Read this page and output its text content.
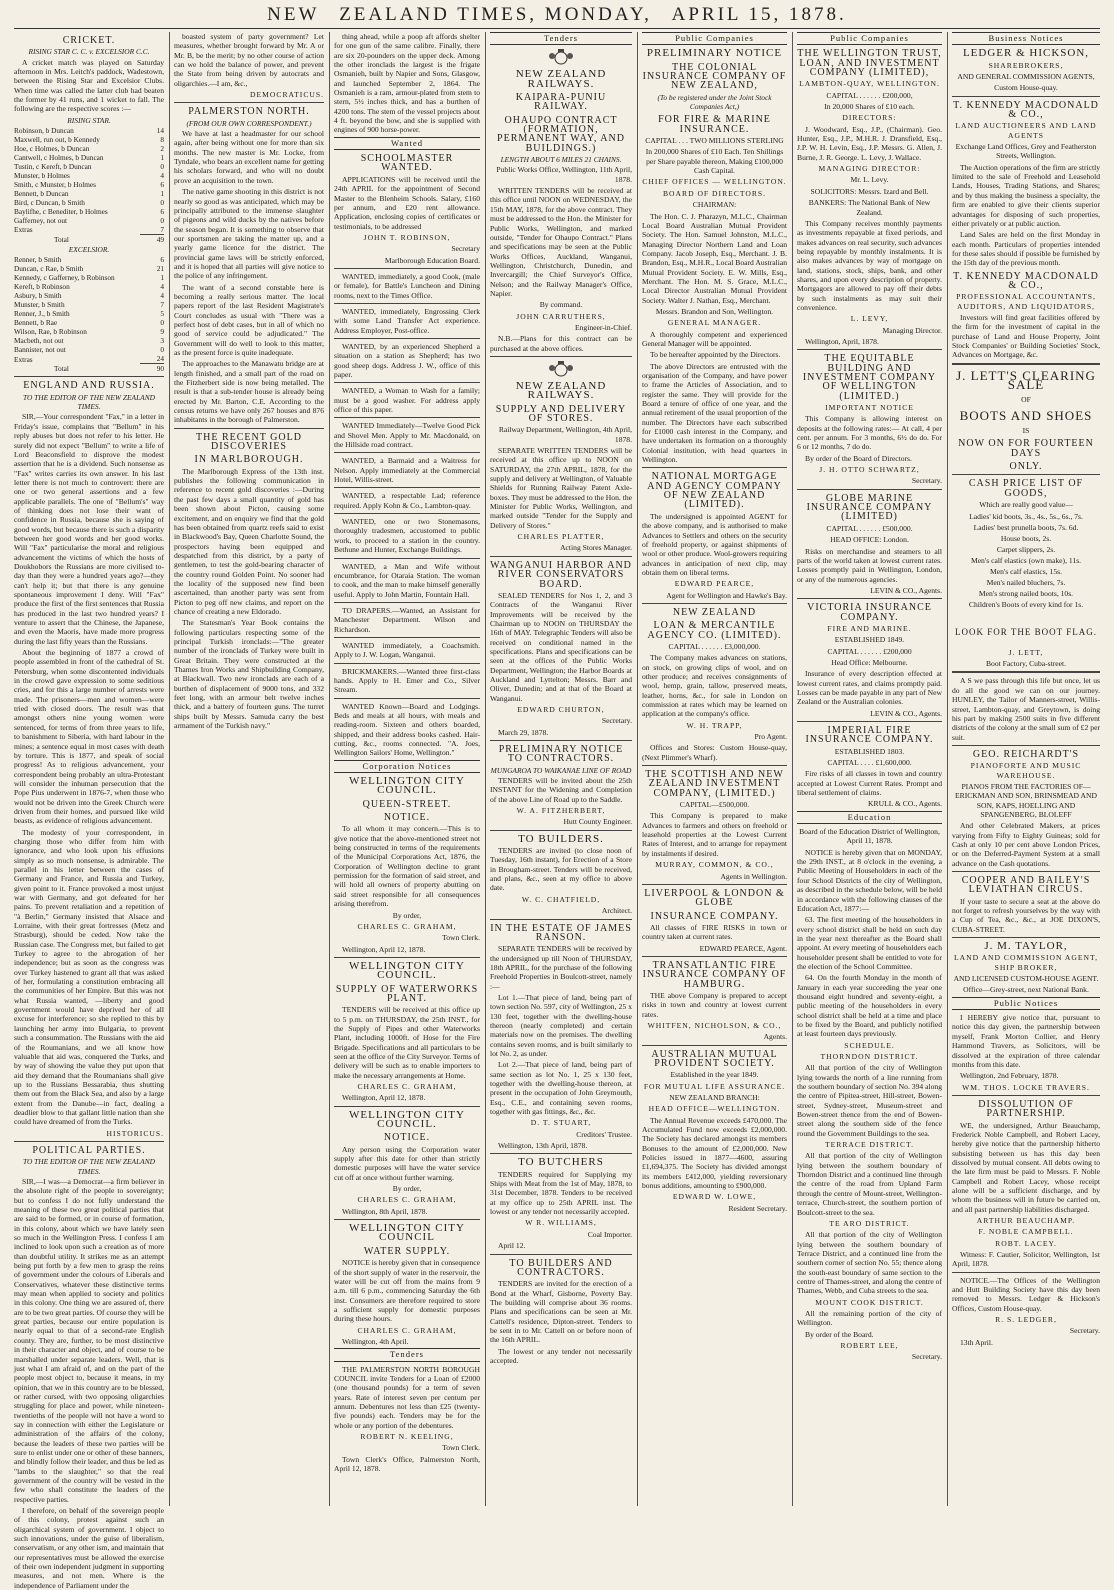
NEW ZEALAND TIMES, MONDAY, APRIL 15, 1878.
CRICKET.
RISING STAR C. C. v. EXCELSIOR C.C.

A cricket match was played on Saturday afternoon in Mrs. Leitch's paddock, Wadestown, between the Rising Star and Excelsior Clubs. When time was called the latter club had beaten the former by 41 runs, and 1 wicket to fall. The following are the respective scores :—

RISING STAR.
Robinson, b Duncan	14
Maxwell, run out, b Kennedy	8
Hoe, c Holmes, b Duncan	2
Cantwell, c Holmes, b Duncan	1
Tustin, c Kereft, b Duncan	0
Munster, b Holmes	4
Smith, c Munster, b Holmes	6
Bennett, b Duncan	1
Bird, c Duncan, b Smith	0
Baylifhe, c Benediter, b Holmes	6
Gafferney, not out	0
Extras	7
Total	49
EXCELSIOR.
Renner, b Smith	6
Duncan, c Rae, b Smith	21
Kennedy, c Gafferney, b Robinson	1
Kereft, b Robinson	4
Asbury, b Smith	4
Munster, b Smith	7
Renner, J., b Smith	5
Bennett, b Rae	0
Wilson, Rae, b Robinson	9
Macbeth, not out	3
Bannister, not out	0
Extras	24
Total	90
ENGLAND AND RUSSIA.
TO THE EDITOR OF THE NEW ZEALAND TIMES.

SIR,—Your correspondent "Fax," in a letter in Friday's issue, complains that "Bellum" in his reply abuses but does not refer to his letter. He surely did not expect "Bellum" to write a life of Lord Beaconsfield to disprove the modest assertion that he is a dividend. Such nonsense as "Fax" writes carries its own answer. In his last letter there is not much to controvert: there are one or two general assertions and a few applicable parallels. The one of "Bellum's" way of thinking does not lose their want of confidence in Russia, because she is saying of good words, but because there is such a disparity between her good words and her good works. Will "Fax" particularise the moral and religious advancement the victims of which the hosts of Doukhobors the Russians are more civilised to-day than they were a hundred years ago?—they can't help it; but that there is any genuine spontaneous improvement I deny. Will "Fax" produce the first of the first sentences that Russia has produced in the last two hundred years? I venture to assert that the Chinese, the Japanese, and even the Maoris, have made more progress during the last fifty years than the Russians.

About the beginning of 1877 a crowd of people assembled in front of the cathedral of St. Petersburg, when some discontented individuals in the crowd gave expression to some seditious cries, and for this a large number of arrests were made. The prisoners—men and women—were tried with closed doors. The result was that amongst others nine young women were sentenced, for terms of from three years to life, to banishment to Siberia, with hard labour in the mines; a sentence equal in most cases with death by torture. This is 1877, and speak of social progress! As to religious advancement, your correspondent being probably an ultra-Protestant will consider the inhuman persecution that the Pope Pius underwent in 1876-7, when those who would not be driven into the Greek Church were driven from their homes, and pursued like wild beasts, as evidence of religious advancement.

The modesty of your correspondent, in charging those who differ from him with ignorance, and who look upon his effusions simply as so much nonsense, is admirable. The parallel in his letter between the cases of Germany and France, and Russia and Turkey, given point to it. France provoked a most unjust war with Germany, and got defeated for her pains. To prevent retaliation and a repetition of "à Berlin," Germany insisted that Alsace and Lorraine, with their great fortresses (Metz and Strasburg), should be ceded. Now take the Russian case. The Congress met, but failed to get Turkey to agree to the abrogation of her independence; but as soon as the congress was over Turkey hastened to grant all that was asked of her, formulating a constitution embracing all the communities of her Empire. But this was not what Russia wanted, —liberty and good government would have deprived her of all excuse for interference; so she replied to this by launching her army into Bulgaria, to prevent such a consummation. The Russians with the aid of the Roumanians, and we all know how valuable that aid was, conquered the Turks, and by way of showing the value they put upon that aid they demand that the Roumanians shall give up to the Russians Bessarabia, thus shutting them out from the Black Sea, and also by a large extent from the Danube—in fact, dealing a deadlier blow to that gallant little nation than she could have dreamed of from the Turks.

HISTORICUS.

POLITICAL PARTIES.
TO THE EDITOR OF THE NEW ZEALAND TIMES.

SIR,—I was—a Democrat—a firm believer in the absolute right of the people to sovereignty; but to confess I do not fully understand the meaning of these two great political parties that are said to be formed, or in course of formation, in this colony, about which we have lately seen so much in the Wellington Press. I confess I am inclined to look upon such a creation as of more than doubtful utility. It strikes me as an attempt being put forth by a few men to grasp the reins of government under the colours of Liberals and Conservatives, whatever these distinctive terms may mean when applied to society and politics in this colony. One thing we are assured of, there are to be two great parties. Of course they will be great parties, because our entire population is nearly equal to that of a second-rate English county. They are, further, to be most distinctive in their character and object, and of course to be marshalled under separate leaders. Well, that is just what I am afraid of, and on the part of the people most object to, because it means, in my opinion, that we in this country are to be blessed, or rather cursed, with two opposing oligarchies struggling for place and power, while nineteen-twentieths of the people will not have a word to say in connection with either the Legislature or administration of the affairs of the colony, because the leaders of these two parties will be sure to enlist under one or other of these banners, and blindly follow their leader, and thus be led as "lambs to the slaughter," so that the real government of the country will be vested in the few who shall constitute the leaders of the respective parties.

I therefore, on behalf of the sovereign people of this colony, protest against such an oligarchical system of government. I object to such innovations, under the guise of liberalism, conservatism, or any other ism, and maintain that our representatives must be allowed the exercise of their own independent judgment in supporting measures, and not men. Where is the independence of Parliament under the

boasted system of party government? Let measures, whether brought forward by Mr. A or Mr. B, be the merit; by no other course of action can we hold the balance of power, and prevent the State from being driven by autocrats and oligarchies.—I am, &c.,

DEMOCRATICUS.

PALMERSTON NORTH.
(FROM OUR OWN CORRESPONDENT.)

We have at last a headmaster for our school again, after being without one for more than six months. The new master is Mr. Locke, from Tyndale, who bears an excellent name for getting his scholars forward, and who will no doubt prove an acquisition to the town.

The native game shooting in this district is not nearly so good as was anticipated, which may be principally attributed to the immense slaughter of pigeons and wild ducks by the natives before the season began. It is something to observe that our sportsmen are taking the matter up, and a yearly game licence for the district. The provincial game laws will be strictly enforced, and it is hoped that all parties will give notice to the police of any infringement.

The want of a second constable here is becoming a really serious matter. The local papers report of the last Resident Magistrate's Court concludes as usual with "There was a perfect host of debt cases, but in all of which no good of service could be adjudicated." The Government will do well to look to this matter, as the present force is quite inadequate.

The approaches to the Manawatu bridge are at length finished, and a small part of the road on the Fitzherbert side is now being metalled. The result is that a sub-tender house is already being erected by Mr. Barton, C.E. According to the census returns we have only 267 houses and 876 inhabitants in the borough of Palmerston.

THE RECENT GOLD DISCOVERIES
IN MARLBOROUGH.

The Marlborough Express of the 13th inst. publishes the following communication in reference to recent gold discoveries :—During the past few days a small quantity of gold has been shown about Picton, causing some excitement, and on enquiry we find that the gold has been obtained from quartz reefs said to exist in Blackwood's Bay, Queen Charlotte Sound, the prospectors having been equipped and despatched from this district, by a party of gentlemen, to test the gold-bearing character of the country round Golden Point. No sooner had the locality of the supposed new find been ascertained, than another party was sent from Picton to peg off new claims, and report on the chance of creating a new Eldorado.

The Statesman's Year Book contains the following particulars respecting some of the principal Turkish ironclads:—"The greater number of the ironclads of Turkey were built in Great Britain. They were constructed at the Thames Iron Works and Shipbuilding Company, at Blackwall. Two new ironclads are each of a burthen of displacement of 9000 tons, and 332 feet long, with an armour belt twelve inches thick, and a battery of fourteen guns. The turret ships built by Messrs. Samuda carry the best armament of the Turkish navy."

thing ahead, while a poop aft affords shelter for one gun of the same calibre. Finally, there are six 20-pounders on the upper deck. Among the other ironclads the largest is the frigate Osmanieh, built by Napier and Sons, Glasgow, and launched September 2, 1864. The Osmanieh is a ram, armour-plated from stem to stern, 5½ inches thick, and has a burthen of 4200 tons. The stem of the vessel projects about 4 ft. beyond the bow, and she is supplied with engines of 900 horse-power.

Wanted
SCHOOLMASTER WANTED.

APPLICATIONS will be received until the 24th APRIL for the appointment of Second Master to the Blenheim Schools. Salary, £160 per annum, and £20 rent allowance. Application, enclosing copies of certificates or testimonials, to be addressed

JOHN T. ROBINSON,

Secretary

Marlborough Education Board.

WANTED, immediately, a good Cook, (male or female), for Battle's Luncheon and Dining rooms, next to the Times Office.

WANTED, immediately, Engrossing Clerk with some Land Transfer Act experience. Address Employer, Post-office.

WANTED, by an experienced Shepherd a situation on a station as Shepherd; has two good sheep dogs. Address J. W., office of this paper.

WANTED, a Woman to Wash for a family; must be a good washer. For address apply office of this paper.

WANTED Immediately—Twelve Good Pick and Shovel Men. Apply to Mr. Macdonald, on the Hillside road contract.

WANTED, a Barmaid and a Waitress for Nelson. Apply immediately at the Commercial Hotel, Willis-street.

WANTED, a respectable Lad; reference required. Apply Kohn & Co., Lambton-quay.

WANTED, one or two Stonemasons, thoroughly tradesmen, accustomed to public work, to proceed to a station in the country. Bethune and Hunter, Exchange Buildings.

WANTED, a Man and Wife without encumbrance, for Otaraia Station. The woman to cook, and the man to make himself generally useful. Apply to John Martin, Fountain Hall.

TO DRAPERS.—Wanted, an Assistant for Manchester Department. Wilson and Richardson.

WANTED immediately, a Coachsmith. Apply to J. W. Logan, Wanganui.

BRICKMAKERS.—Wanted three first-class hands. Apply to H. Emer and Co., Silver Stream.

WANTED Known—Board and Lodgings. Beds and meals at all hours, with meals and reading-room. Sixteen and others boarded, shipped, and their address books cashed. Hair-cutting, &c., rooms connected. "A. Joes, Wellington Sailors' Home, Wellington."

Corporation Notices
WELLINGTON CITY COUNCIL.
QUEEN-STREET.
NOTICE.

To all whom it may concern.—This is to give notice that the above-mentioned street not being constructed in terms of the requirements of the Municipal Corporations Act, 1876, the Corporation of Wellington decline to grant permission for the formation of said street, and will hold all owners of property abutting on said street responsible for all consequences arising therefrom.

By order,

CHARLES C. GRAHAM,

Town Clerk.

Wellington, April 12, 1878.

WELLINGTON CITY COUNCIL.
SUPPLY OF WATERWORKS PLANT.

TENDERS will be received at this office up to 5 p.m. on THURSDAY, the 25th INST., for the Supply of Pipes and other Waterworks Plant, including 1000ft. of Hose for the Fire Brigade. Specifications and all particulars to be seen at the office of the City Surveyor. Terms of delivery will be such as to enable importers to make the necessary arrangements at Home.

CHARLES C. GRAHAM,

Wellington, April 12, 1878.

WELLINGTON CITY COUNCIL.
NOTICE.

Any person using the Corporation water supply after this date for other than strictly domestic purposes will have the water service cut off at once without further warning.

By order,

CHARLES C. GRAHAM,

Wellington, 8th April, 1878.

WELLINGTON CITY COUNCIL
WATER SUPPLY.

NOTICE is hereby given that in consequence of the short supply of water in the reservoir, the water will be cut off from the mains from 9 a.m. till 6 p.m., commencing Saturday the 6th inst. Consumers are therefore required to store a sufficient supply for domestic purposes during these hours.

CHARLES C. GRAHAM,

Wellington, 4th April.

Tenders

THE PALMERSTON NORTH BOROUGH COUNCIL invite Tenders for a Loan of £2000 (one thousand pounds) for a term of seven years. Rate of interest seven per centum per annum. Debentures not less than £25 (twenty-five pounds) each. Tenders may be for the whole or any portion of the debentures.

ROBERT N. KEELING,

Town Clerk.

Town Clerk's Office, Palmerston North, April 12, 1878.

Tenders
NEW ZEALAND RAILWAYS.
KAIPARA-PUNIU RAILWAY.
OHAUPO CONTRACT (FORMATION, PERMANENT WAY, AND BUILDINGS.)
LENGTH ABOUT 6 MILES 21 CHAINS.

Public Works Office, Wellington, 11th April, 1878.

WRITTEN TENDERS will be received at this office until NOON on WEDNESDAY, the 15th MAY, 1878, for the above contract. They must be addressed to the Hon. the Minister for Public Works, Wellington, and marked outside, "Tender for Ohaupo Contract." Plans and specifications may be seen at the Public Works Offices, Auckland, Wanganui, Wellington, Christchurch, Dunedin, and Invercargill; the Chief Surveyor's Office, Nelson; and the Railway Manager's Office, Napier.

By command.

JOHN CARRUTHERS,

Engineer-in-Chief.

N.B.—Plans for this contract can be purchased at the above offices.

NEW ZEALAND RAILWAYS.
SUPPLY AND DELIVERY OF STORES.

Railway Department, Wellington, 4th April, 1878.

SEPARATE WRITTEN TENDERS will be received at this office up to NOON on SATURDAY, the 27th APRIL, 1878, for the supply and delivery at Wellington, of Valuable Shields for Running Railway Patent Axle-boxes. They must be addressed to the Hon. the Minister for Public Works, Wellington, and marked outside "Tender for the Supply and Delivery of Stores."

CHARLES PLATTER,

Acting Stores Manager.

WANGANUI HARBOR AND RIVER CONSERVATORS BOARD.

SEALED TENDERS for Nos 1, 2, and 3 Contracts of the Wanganui River Improvements will be received by the Chairman up to NOON on THURSDAY the 16th of MAY. Telegraphic Tenders will also be received on conditional named in the specifications. Plans and specifications can be seen at the offices of the Public Works Department, Wellington; the Harbor Boards at Auckland and Lyttelton; Messrs. Barr and Oliver, Dunedin; and at that of the Board at Wanganui.

EDWARD CHURTON,

Secretary.

March 29, 1878.

PRELIMINARY NOTICE TO CONTRACTORS.
MUNGAROA TO WAIKANAE LINE OF ROAD

TENDERS will be invited about the 25th INSTANT for the Widening and Completion of the above Line of Road up to the Saddle.

W. A. FITZHERBERT,

Hutt County Engineer.

TO BUILDERS.

TENDERS are invited (to close noon of Tuesday, 16th instant), for Erection of a Store in Brougham-street. Tenders will be received, and plans, &c., seen at my office to above date.

W. C. CHATFIELD,

Architect.

IN THE ESTATE OF JAMES RANSON.

SEPARATE TENDERS will be received by the undersigned up till Noon of THURSDAY, 18th APRIL, for the purchase of the following Freehold Properties in Boulcott-street, namely :—

Lot 1.—That piece of land, being part of town section No. 597, city of Wellington, 25 x 130 feet, together with the dwelling-house thereon (nearly completed) and certain materials now on the premises. The dwelling contains seven rooms, and is built similarly to lot No. 2, as under.

Lot 2.—That piece of land, being part of same section as lot No. 1, 25 x 130 feet, together with the dwelling-house thereon, at present in the occupation of John Greymouth, Esq., C.E., and containing seven rooms, together with gas fittings, &c., &c.

D. T. STUART,

Creditors' Trustee.

Wellington, 13th April, 1878.

TO BUTCHERS

TENDERS required for Supplying my Ships with Meat from the 1st of May, 1878, to 31st December, 1878. Tenders to be received at my office up to 25th APRIL inst. The lowest or any tender not necessarily accepted.

W R. WILLIAMS,

Coal Importer.

April 12.

TO BUILDERS AND CONTRACTORS.

TENDERS are invited for the erection of a Bond at the Wharf, Gisborne, Poverty Bay. The building will comprise about 36 rooms. Plans and specifications can be seen at Mr. Cattell's residence, Dipton-street. Tenders to be sent in to Mr. Cattell on or before noon of the 16th APRIL.

The lowest or any tender not necessarily accepted.

Public Companies
PRELIMINARY NOTICE
THE COLONIAL INSURANCE COMPANY OF NEW ZEALAND,
(To be registered under the Joint Stock Companies Act,)
FOR FIRE & MARINE INSURANCE.

CAPITAL . . . TWO MILLIONS STERLING

In 200,000 Shares of £10 Each. Ten Shillings per Share payable thereon, Making £100,000 Cash Capital.

CHIEF OFFICES — WELLINGTON.

BOARD OF DIRECTORS.

CHAIRMAN:

The Hon. C. J. Pharazyn, M.L.C., Chairman Local Board Australian Mutual Provident Society. The Hon. Samuel Johnston, M.L.C., Managing Director Northern Land and Loan Company. Jacob Joseph, Esq., Merchant. J. B. Brandon, Esq., M.H.R., Local Board Australian Mutual Provident Society. E. W. Mills, Esq., Merchant. The Hon. M. S. Grace, M.L.C., Local Director Australian Mutual Provident Society. Walter J. Nathan, Esq., Merchant.

Messrs. Brandon and Son, Wellington.

GENERAL MANAGER.

A thoroughly competent and experienced General Manager will be appointed.

To be hereafter appointed by the Directors.

The above Directors are entrusted with the organisation of the Company, and have power to frame the Articles of Association, and to register the same. They will provide for the Board a tenure of office of one year, and the annual retirement of the usual proportion of the number. The Directors have each subscribed for £1000 cash interest in the Company, and have undertaken its formation on a thoroughly Colonial institution, with head quarters in Wellington.

NATIONAL MORTGAGE AND AGENCY COMPANY OF NEW ZEALAND (LIMITED).

The undersigned is appointed AGENT for the above company, and is authorised to make Advances to Settlers and others on the security of freehold property, or against shipments of wool or other produce. Wool-growers requiring advances in anticipation of next clip, may obtain them on liberal terms.

EDWARD PEARCE,

Agent for Wellington and Hawke's Bay.

NEW ZEALAND
LOAN & MERCANTILE AGENCY CO. (LIMITED).

CAPITAL . . . . . . £3,000,000.

The Company makes advances on stations, on stock, on growing clips of wool, and on other produce; and receives consignments of wool, hemp, grain, tallow, preserved meats, leather, horns, &c., for sale in London on commission at rates which may be learned on application at the company's office.

W. H. TRAPP,

Pro Agent.

Offices and Stores: Custom House-quay, (Next Plimmer's Wharf).

THE SCOTTISH AND NEW ZEALAND INVESTMENT COMPANY, (LIMITED.)

CAPITAL—£500,000.

This Company is prepared to make Advances to farmers and others on freehold or leasehold properties at the Lowest Current Rates of Interest, and to arrange for repayment by instalments if desired.

MURRAY, COMMON, & CO.,

Agents in Wellington.

LIVERPOOL & LONDON & GLOBE
INSURANCE COMPANY.

All classes of FIRE RISKS in town or country taken at current rates.

EDWARD PEARCE, Agent.

TRANSATLANTIC FIRE INSURANCE COMPANY OF HAMBURG.

THE above Company is prepared to accept risks in town and country at lowest current rates.

WHITFEN, NICHOLSON, & CO.,

Agents.

AUSTRALIAN MUTUAL PROVIDENT SOCIETY.

Established in the year 1849.

FOR MUTUAL LIFE ASSURANCE.

NEW ZEALAND BRANCH:

HEAD OFFICE—WELLINGTON.

The Annual Revenue exceeds £470,000. The Accumulated Fund now exceeds £2,000,000. The Society has declared amongst its members Bonuses to the amount of £2,000,000. New Policies issued in 1877—4600, assuring £1,694,375. The Society has divided amongst its members £412,000, yielding reversionary bonus additions, amounting to £900,000.

EDWARD W. LOWE,

Resident Secretary.

Public Companies
THE WELLINGTON TRUST, LOAN, AND INVESTMENT COMPANY (LIMITED),

LAMBTON-QUAY, WELLINGTON.

CAPITAL . . . . . . £200,000,

In 20,000 Shares of £10 each.

DIRECTORS:

J. Woodward, Esq., J.P., (Chairman). Geo. Hunter, Esq., J.P., M.H.R. J. Dransfield, Esq., J.P. W. H. Levin, Esq., J.P. Messrs. G. Allen, J. Burne, J. R. George. L. Levy, J. Wallace.

MANAGING DIRECTOR:

Mr. L. Levy.

SOLICITORS: Messrs. Izard and Bell.

BANKERS: The National Bank of New Zealand.

This Company receives monthly payments as investments repayable at fixed periods, and makes advances on real security, such advances being repayable by monthly instalments. It is also makes advances by way of mortgage on land, stations, stock, ships, bank, and other shares, and upon every description of property. Mortgagors are allowed to pay off their debts by such instalments as may suit their convenience.

L. LEVY,

Managing Director.

Wellington, April, 1878.

THE EQUITABLE BUILDING AND INVESTMENT COMPANY OF WELLINGTON (LIMITED.)

IMPORTANT NOTICE

This Company is allowing interest on deposits at the following rates:— At call, 4 per cent. per annum. For 3 months, 6½ do do. For 6 or 12 months, 7 do do.

By order of the Board of Directors.

J. H. OTTO SCHWARTZ,

Secretary.

GLOBE MARINE INSURANCE COMPANY (LIMITED)

CAPITAL . . . . . . £500,000.

HEAD OFFICE: London.

Risks on merchandise and steamers to all parts of the world taken at lowest current rates. Losses promptly paid in Wellington, London, or any of the numerous agencies.

LEVIN & CO., Agents.

VICTORIA INSURANCE COMPANY.

FIRE AND MARINE.

ESTABLISHED 1849.

CAPITAL . . . . . . £200,000

Head Office: Melbourne.

Insurance of every description effected at lowest current rates, and claims promptly paid. Losses can be made payable in any part of New Zealand or the Australian colonies.

LEVIN & CO., Agents.

IMPERIAL FIRE INSURANCE COMPANY.

ESTABLISHED 1803.

CAPITAL . . . . £1,600,000.

Fire risks of all classes in town and country accepted at Lowest Current Rates. Prompt and liberal settlement of claims.

KRULL & CO., Agents.

Education

Board of the Education District of Wellington, April 11, 1878.

NOTICE is hereby given that on MONDAY, the 29th INST., at 8 o'clock in the evening, a Public Meeting of Householders in each of the four School Districts of the city of Wellington, as described in the schedule below, will be held in accordance with the following clauses of the Education Act, 1877:—

63. The first meeting of the householders in every school district shall be held on such day in the year next thereafter as the Board shall appoint. At every meeting of householders each householder present shall be entitled to vote for the election of the School Committee.

64. On the fourth Monday in the month of January in each year succeeding the year one thousand eight hundred and seventy-eight, a public meeting of the householders in every school district shall be held at a time and place to be fixed by the Board, and publicly notified at least fourteen days previously.

SCHEDULE.

THORNDON DISTRICT.

All that portion of the city of Wellington lying towards the north of a line running from the southern boundary of section No. 394 along the centre of Pipitea-street, Hill-street, Bowen-street, Sydney-street, Museum-street and Bowen-street thence from the end of Bowen-street along the southern side of the fence round the Government Buildings to the sea.

TERRACE DISTRICT.

All that portion of the city of Wellington lying between the southern boundary of Thorndon District and a continued line through the centre of the road from Upland Farm through the centre of Mount-street, Wellington-terrace, Church-street, the southern portion of Boulcott-street to the sea.

TE ARO DISTRICT.

All that portion of the city of Wellington lying between the southern boundary of Terrace District, and a continued line from the southern corner of section No. 55; thence along the south-east boundary of same section to the centre of Thames-street, and along the centre of Thames, Webb, and Cuba streets to the sea.

MOUNT COOK DISTRICT.

All the remaining portion of the city of Wellington.

By order of the Board.

ROBERT LEE,

Secretary.

Business Notices
LEDGER & HICKSON,

SHAREBROKERS,

AND GENERAL COMMISSION AGENTS,

Custom House-quay.

T. KENNEDY MACDONALD & CO.,

LAND AUCTIONEERS AND LAND AGENTS

Exchange Land Offices, Grey and Featherston Streets, Wellington.

The Auction operations of the firm are strictly limited to the sale of Freehold and Leasehold Lands, Houses, Trading Stations, and Shares; and by thus making the business a specialty, the firm are enabled to give their clients superior advantages for disposing of such properties, either privately or at public auction.

Land Sales are held on the first Monday in each month. Particulars of properties intended for these sales should if possible be furnished by the 15th day of the previous month.

T. KENNEDY MACDONALD & CO.,

PROFESSIONAL ACCOUNTANTS, AUDITORS, AND LIQUIDATORS,

Investors will find great facilities offered by the firm for the investment of capital in the purchase of Land and House Property, Joint Stock Companies' or Building Societies' Stock, Advances on Mortgage, &c.

J. LETT'S CLEARING SALE

OF

BOOTS AND SHOES

IS

NOW ON FOR FOURTEEN DAYS
ONLY.
CASH PRICE LIST OF GOODS,

Which are really good value—

Ladies' kid boots, 3s., 4s., 5s., 6s., 7s.

Ladies' best prunella boots, 7s. 6d.

House boots, 2s.

Carpet slippers, 2s.

Men's calf elastics (own make), 11s.

Men's calf elastics, 15s.

Men's nailed bluchers, 7s.

Men's strong nailed boots, 10s.

Children's Boots of every kind for 1s.

LOOK FOR THE BOOT FLAG.

J. LETT,

Boot Factory, Cuba-street.

A S we pass through this life but once, let us do all the good we can on our journey. HUNLEY, the Tailor of Manners-street, Willis-street, Lambton-quay, and Greytown, is doing his part by making 2500 suits in five different districts of the colony at the small sum of £2 per suit.

GEO. REICHARDT'S

PIANOFORTE AND MUSIC WAREHOUSE.

PIANOS FROM THE FACTORIES OF— ERICKMAN AND SON, BRINSMEAD AND SON, KAPS, HOELLING AND SPANGENBERG, BLOLEFF

And other Celebrated Makers, at prices varying from Fifty to Eighty Guineas; sold for Cash at only 10 per cent above London Prices, or on the Deferred-Payment System at a small advance on the Cash quotations.

COOPER AND BAILEY'S LEVIATHAN CIRCUS.

If your taste to secure a seat at the above do not forget to refresh yourselves by the way with a Cup of Tea, &c., &c., at JOE DIXON'S, CUBA-STREET.

J. M. TAYLOR,

LAND AND COMMISSION AGENT, SHIP BROKER,

AND LICENSED CUSTOM-HOUSE AGENT.

Office—Grey-street, next National Bank.

Public Notices

I HEREBY give notice that, pursuant to notice this day given, the partnership between myself, Frank Morton Collier, and Henry Hammond Travers, as Solicitors, will be dissolved at the expiration of three calendar months from this date.

Wellington, 2nd February, 1878.

WM. THOS. LOCKE TRAVERS.

DISSOLUTION OF PARTNERSHIP.

WE, the undersigned, Arthur Beauchamp, Frederick Noble Campbell, and Robert Lacey, hereby give notice that the partnership hitherto subsisting between us has this day been dissolved by mutual consent. All debts owing to the late firm must be paid to Messrs. F. Noble Campbell and Robert Lacey, whose receipt alone will be a sufficient discharge, and by whom the business will in future be carried on, and all past partnership liabilities discharged.

ARTHUR BEAUCHAMP.

F. NOBLE CAMPBELL.

ROBT. LACEY.

Witness: F. Cautier, Solicitor, Wellington, 1st April, 1878.

NOTICE.—The Offices of the Wellington and Hutt Building Society have this day been removed to Messrs. Ledger & Hickson's Offices, Custom House-quay.

R. S. LEDGER,

Secretary.

13th April.
